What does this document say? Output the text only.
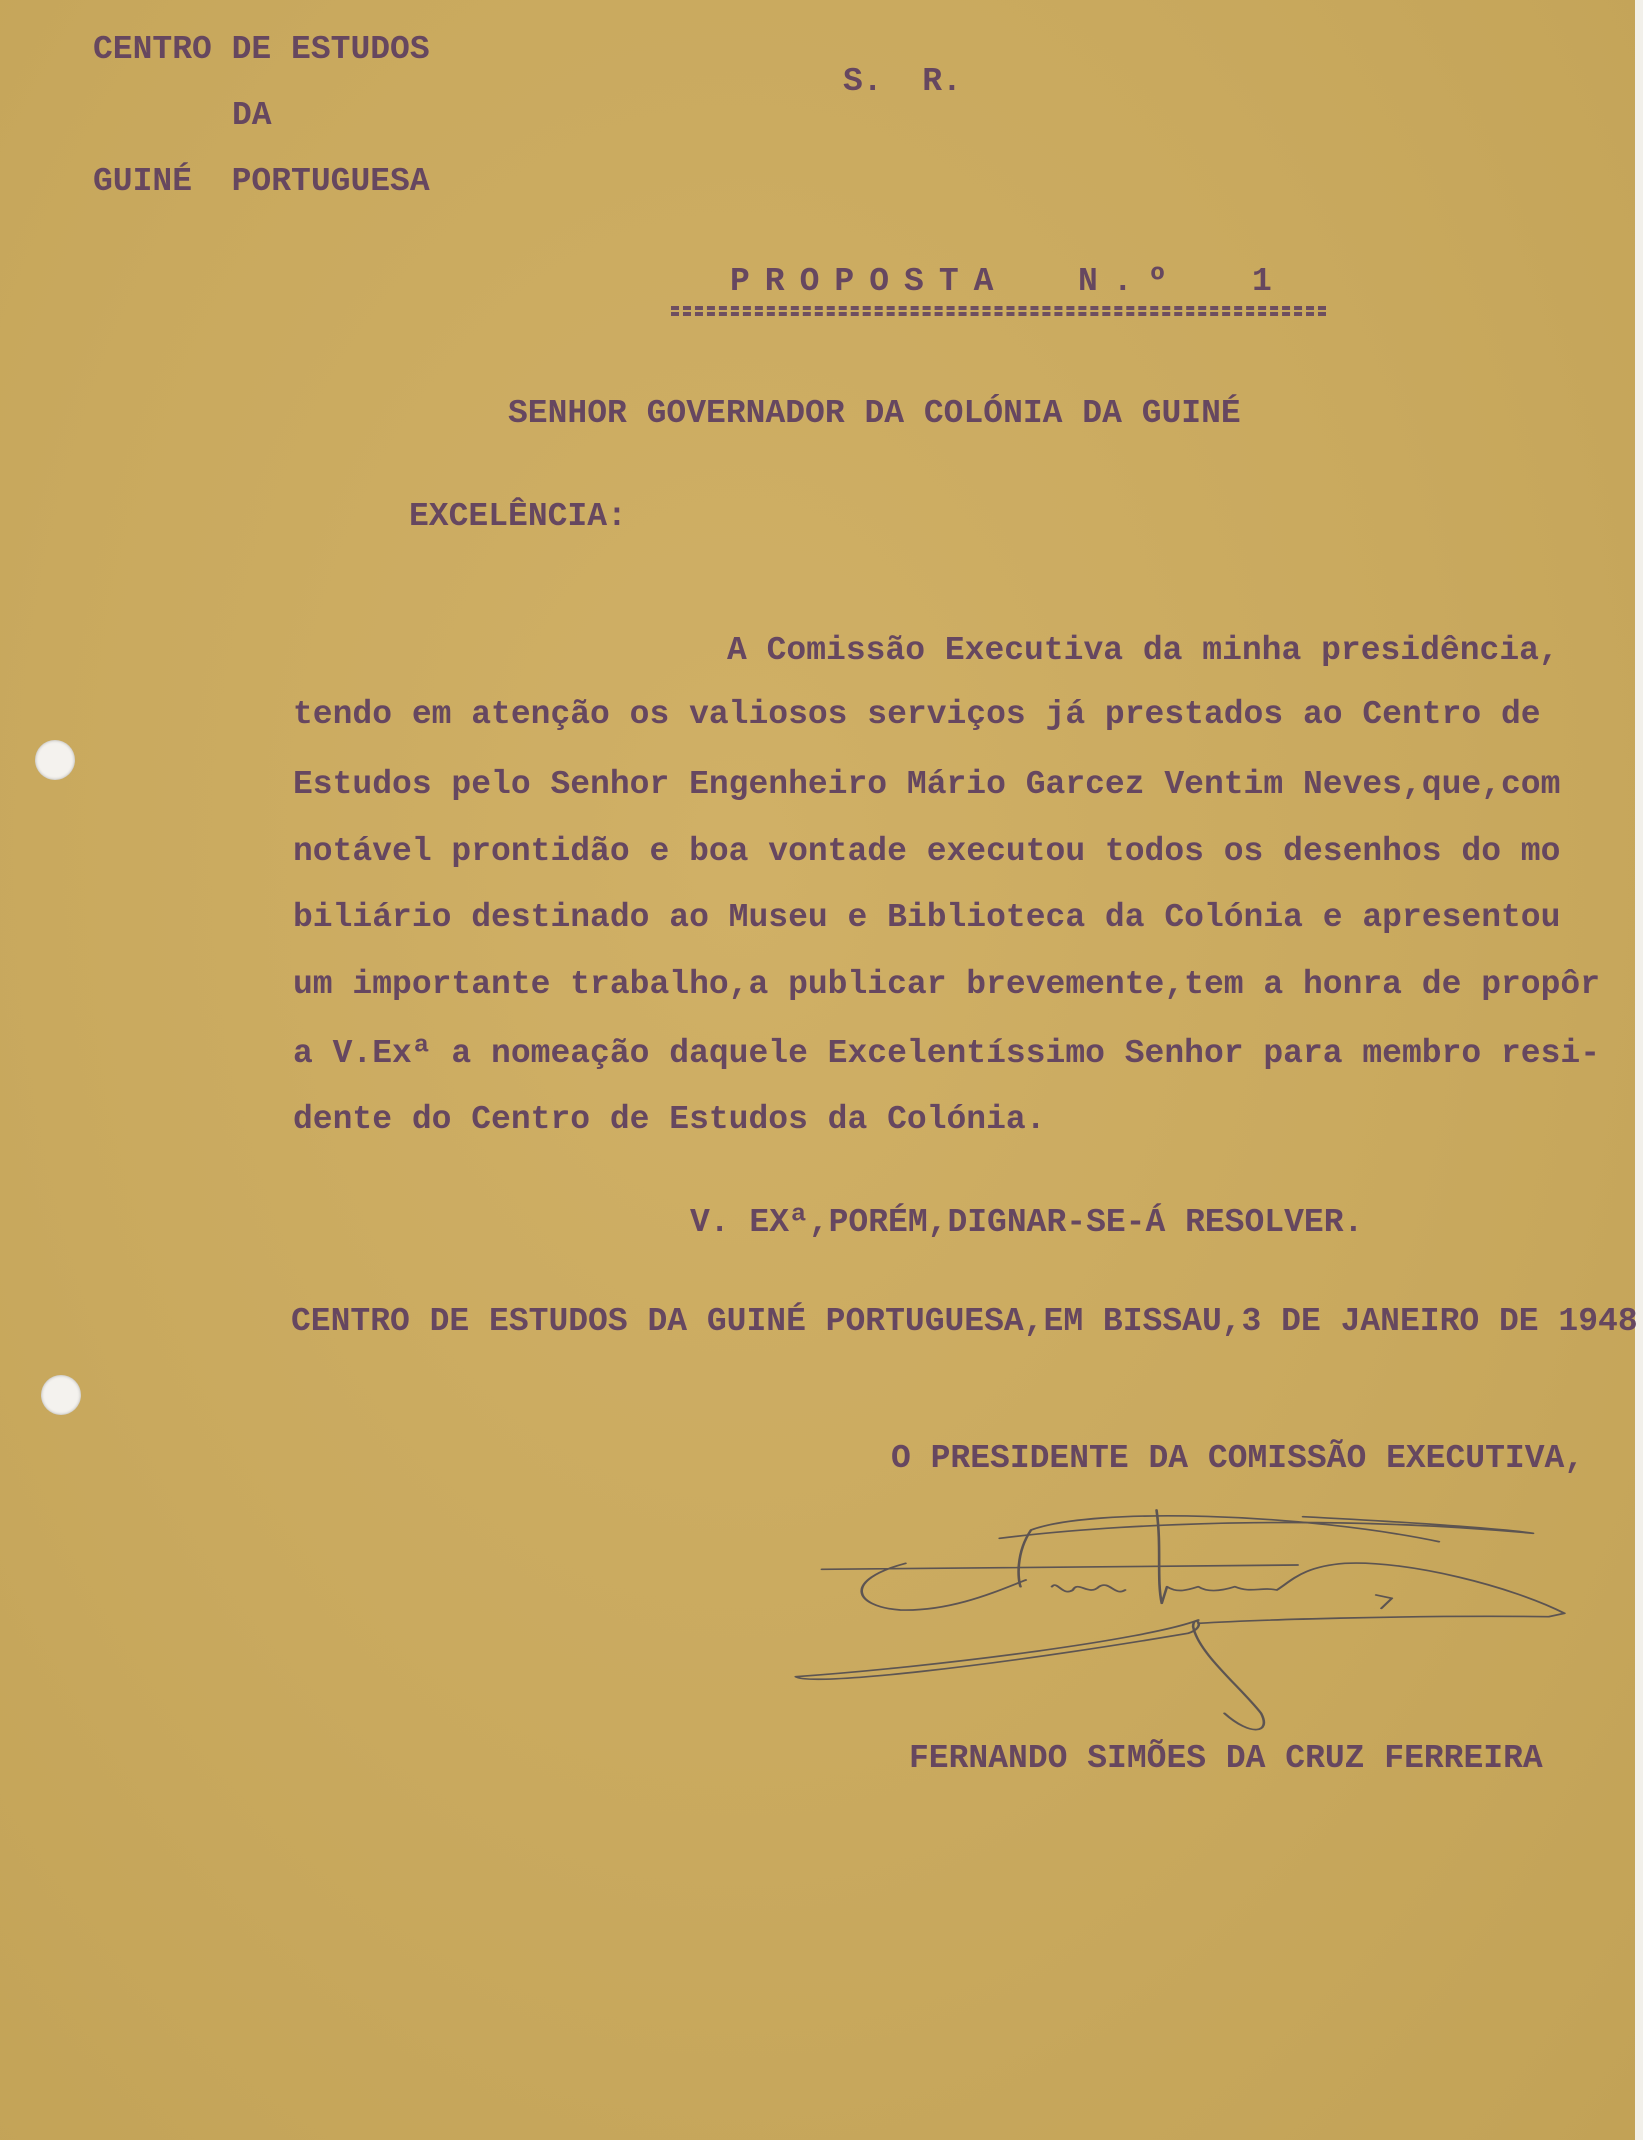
CENTRO DE ESTUDOS
DA
GUINÉ  PORTUGUESA
S.  R.
PROPOSTA  N.º  1
SENHOR GOVERNADOR DA COLÓNIA DA GUINÉ
EXCELÊNCIA:
A Comissão Executiva da minha presidência,
tendo em atenção os valiosos serviços já prestados ao Centro de
Estudos pelo Senhor Engenheiro Mário Garcez Ventim Neves,que,com
notável prontidão e boa vontade executou todos os desenhos do mo
biliário destinado ao Museu e Biblioteca da Colónia e apresentou
um importante trabalho,a publicar brevemente,tem a honra de propôr
a V.Exª a nomeação daquele Excelentíssimo Senhor para membro resi-
dente do Centro de Estudos da Colónia.
V. EXª,PORÉM,DIGNAR-SE-Á RESOLVER.
CENTRO DE ESTUDOS DA GUINÉ PORTUGUESA,EM BISSAU,3 DE JANEIRO DE 1948
O PRESIDENTE DA COMISSÃO EXECUTIVA,
FERNANDO SIMÕES DA CRUZ FERREIRA
